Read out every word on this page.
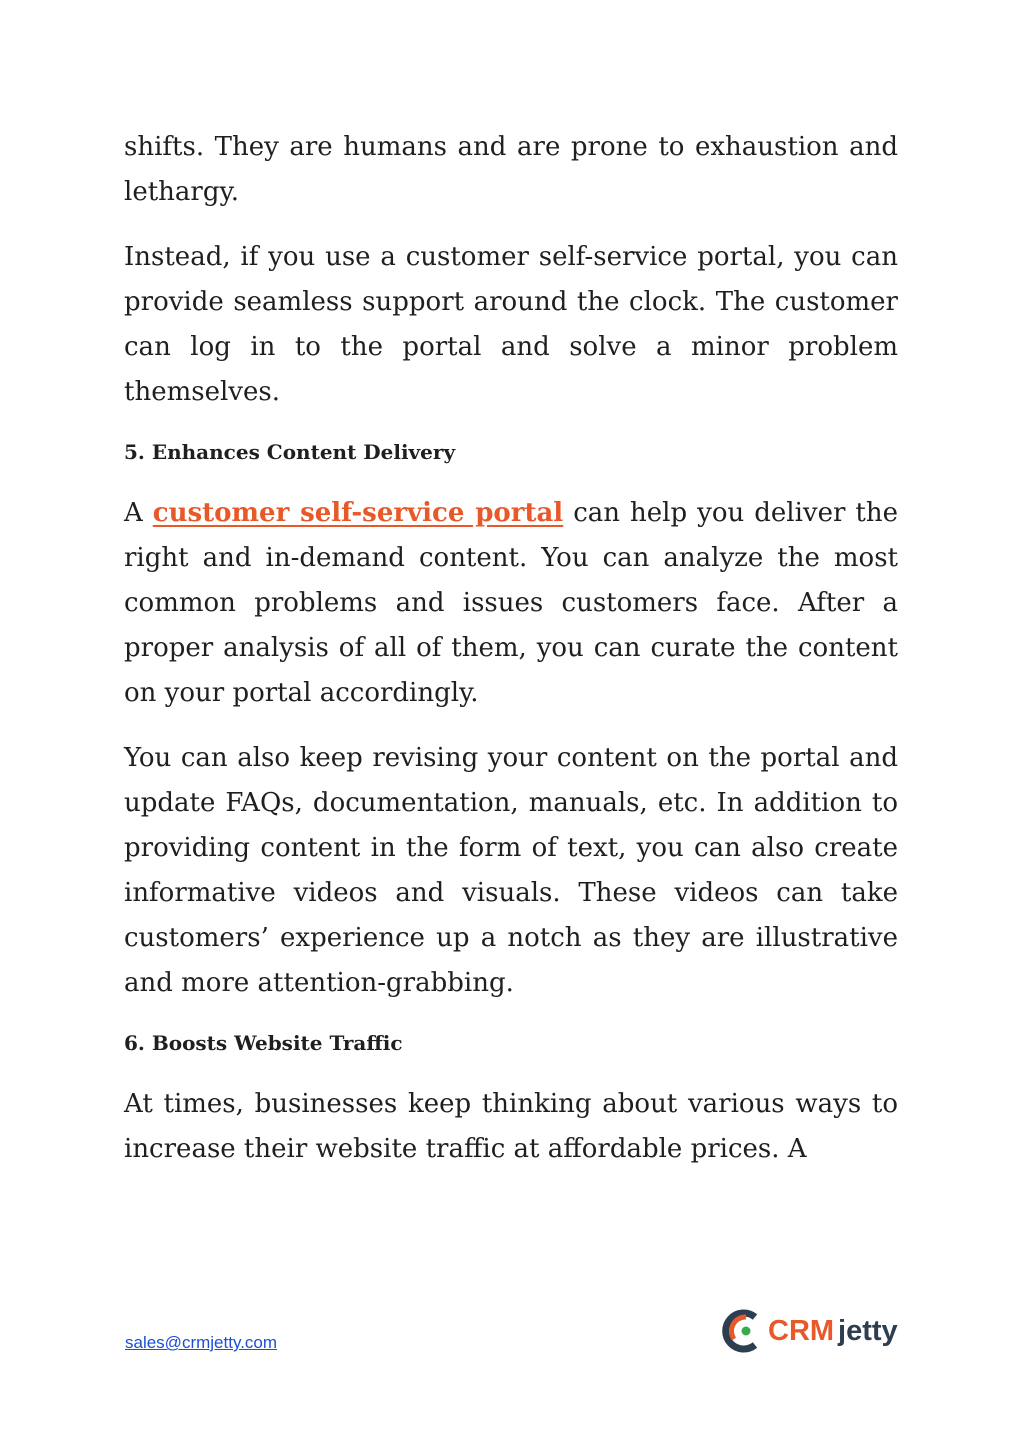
shifts. They are humans and are prone to exhaustion and lethargy.

Instead, if you use a customer self-service portal, you can provide seamless support around the clock. The customer can log in to the portal and solve a minor problem themselves.

5. Enhances Content Delivery

A customer self-service portal can help you deliver the right and in-demand content. You can analyze the most common problems and issues customers face. After a proper analysis of all of them, you can curate the content on your portal accordingly.

You can also keep revising your content on the portal and update FAQs, documentation, manuals, etc. In addition to providing content in the form of text, you can also create informative videos and visuals. These videos can take customers’ experience up a notch as they are illustrative and more attention-grabbing.

6. Boosts Website Traffic

At times, businesses keep thinking about various ways to increase their website traffic at affordable prices. A

sales@crmjetty.com	CRM jetty
